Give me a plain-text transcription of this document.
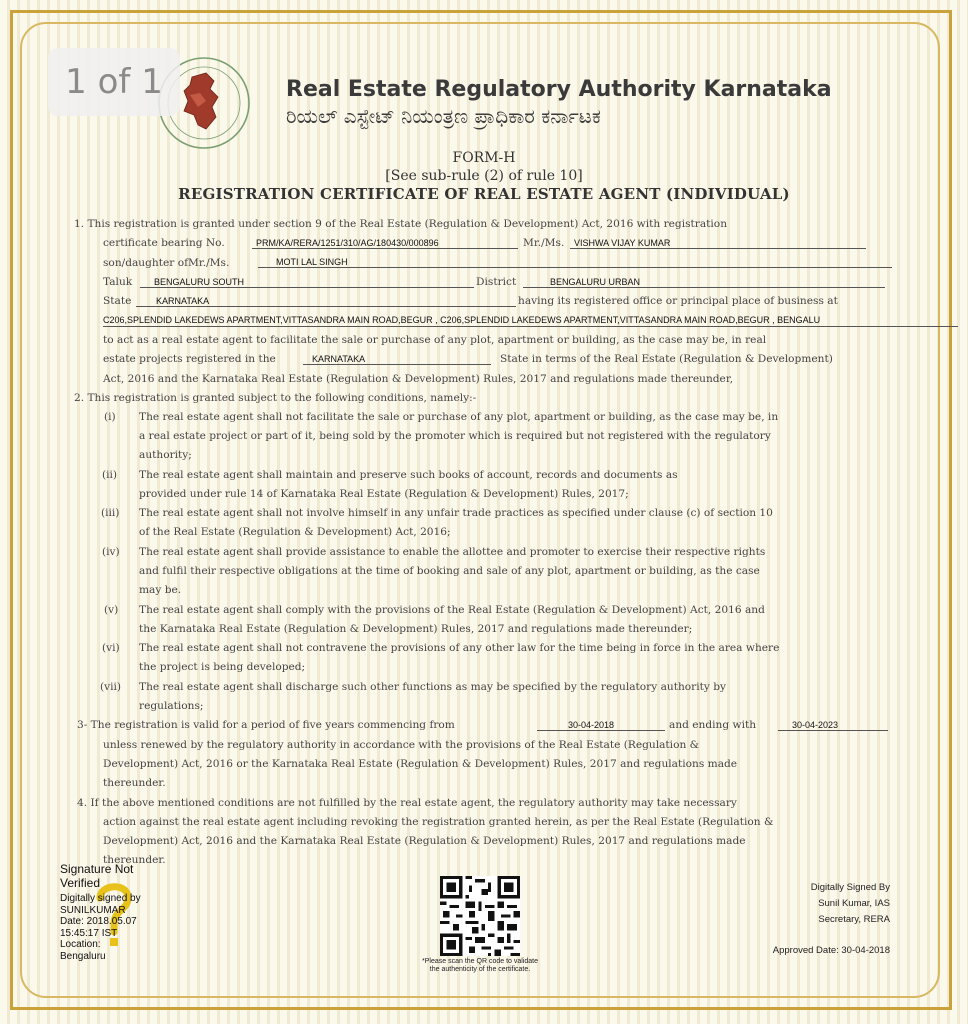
Real Estate Regulatory Authority Karnataka
ರಿಯಲ್ ಎಸ್ಟೇಟ್ ನಿಯಂತ್ರಣ ಪ್ರಾಧಿಕಾರ ಕರ್ನಾಟಕ
FORM-H
[See sub-rule (2) of rule 10]
REGISTRATION CERTIFICATE OF REAL ESTATE AGENT (INDIVIDUAL)
1. This registration is granted under section 9 of the Real Estate (Regulation & Development) Act, 2016 with registration
certificate bearing No.	PRM/KA/RERA/1251/310/AG/180430/000896	Mr./Ms. VISHWA VIJAY KUMAR
son/daughter ofMr./Ms.	MOTI LAL SINGH
Taluk BENGALURU SOUTH	District	BENGALURU URBAN
State	KARNATAKA	having its registered office or principal place of business at
C206,SPLENDID LAKEDEWS APARTMENT,VITTASANDRA MAIN ROAD,BEGUR , C206,SPLENDID LAKEDEWS APARTMENT,VITTASANDRA MAIN ROAD,BEGUR , BENGALU
to act as a real estate agent to facilitate the sale or purchase of any plot, apartment or building, as the case may be, in real
estate projects registered in the	KARNATAKA	State in terms of the Real Estate (Regulation & Development)
Act, 2016 and the Karnataka Real Estate (Regulation & Development) Rules, 2017 and regulations made thereunder,
2. This registration is granted subject to the following conditions, namely:-
(i) The real estate agent shall not facilitate the sale or purchase of any plot, apartment or building, as the case may be, in
a real estate project or part of it, being sold by the promoter which is required but not registered with the regulatory
authority;
(ii) The real estate agent shall maintain and preserve such books of account, records and documents as
provided under rule 14 of Karnataka Real Estate (Regulation & Development) Rules, 2017;
(iii) The real estate agent shall not involve himself in any unfair trade practices as specified under clause (c) of section 10
of the Real Estate (Regulation & Development) Act, 2016;
(iv) The real estate agent shall provide assistance to enable the allottee and promoter to exercise their respective rights
and fulfil their respective obligations at the time of booking and sale of any plot, apartment or building, as the case
may be.
(v) The real estate agent shall comply with the provisions of the Real Estate (Regulation & Development) Act, 2016 and
the Karnataka Real Estate (Regulation & Development) Rules, 2017 and regulations made thereunder;
(vi) The real estate agent shall not contravene the provisions of any other law for the time being in force in the area where
the project is being developed;
(vii) The real estate agent shall discharge such other functions as may be specified by the regulatory authority by
regulations;
3- The registration is valid for a period of five years commencing from	30-04-2018	and ending with	30-04-2023
unless renewed by the regulatory authority in accordance with the provisions of the Real Estate (Regulation &
Development) Act, 2016 or the Karnataka Real Estate (Regulation & Development) Rules, 2017 and regulations made
thereunder.
4. If the above mentioned conditions are not fulfilled by the real estate agent, the regulatory authority may take necessary
action against the real estate agent including revoking the registration granted herein, as per the Real Estate (Regulation &
Development) Act, 2016 and the Karnataka Real Estate (Regulation & Development) Rules, 2017 and regulations made
thereunder.
Signature Not
Verified
Digitally signed by
SUNILKUMAR
Date: 2018.05.07
15:45:17 IST
Location:
Bengaluru	*Please scan the QR code to validate
the authenticity of the certificate.
Digitally Signed By
Sunil Kumar, IAS
Secretary, RERA
Approved Date: 30-04-2018
1 of 1
